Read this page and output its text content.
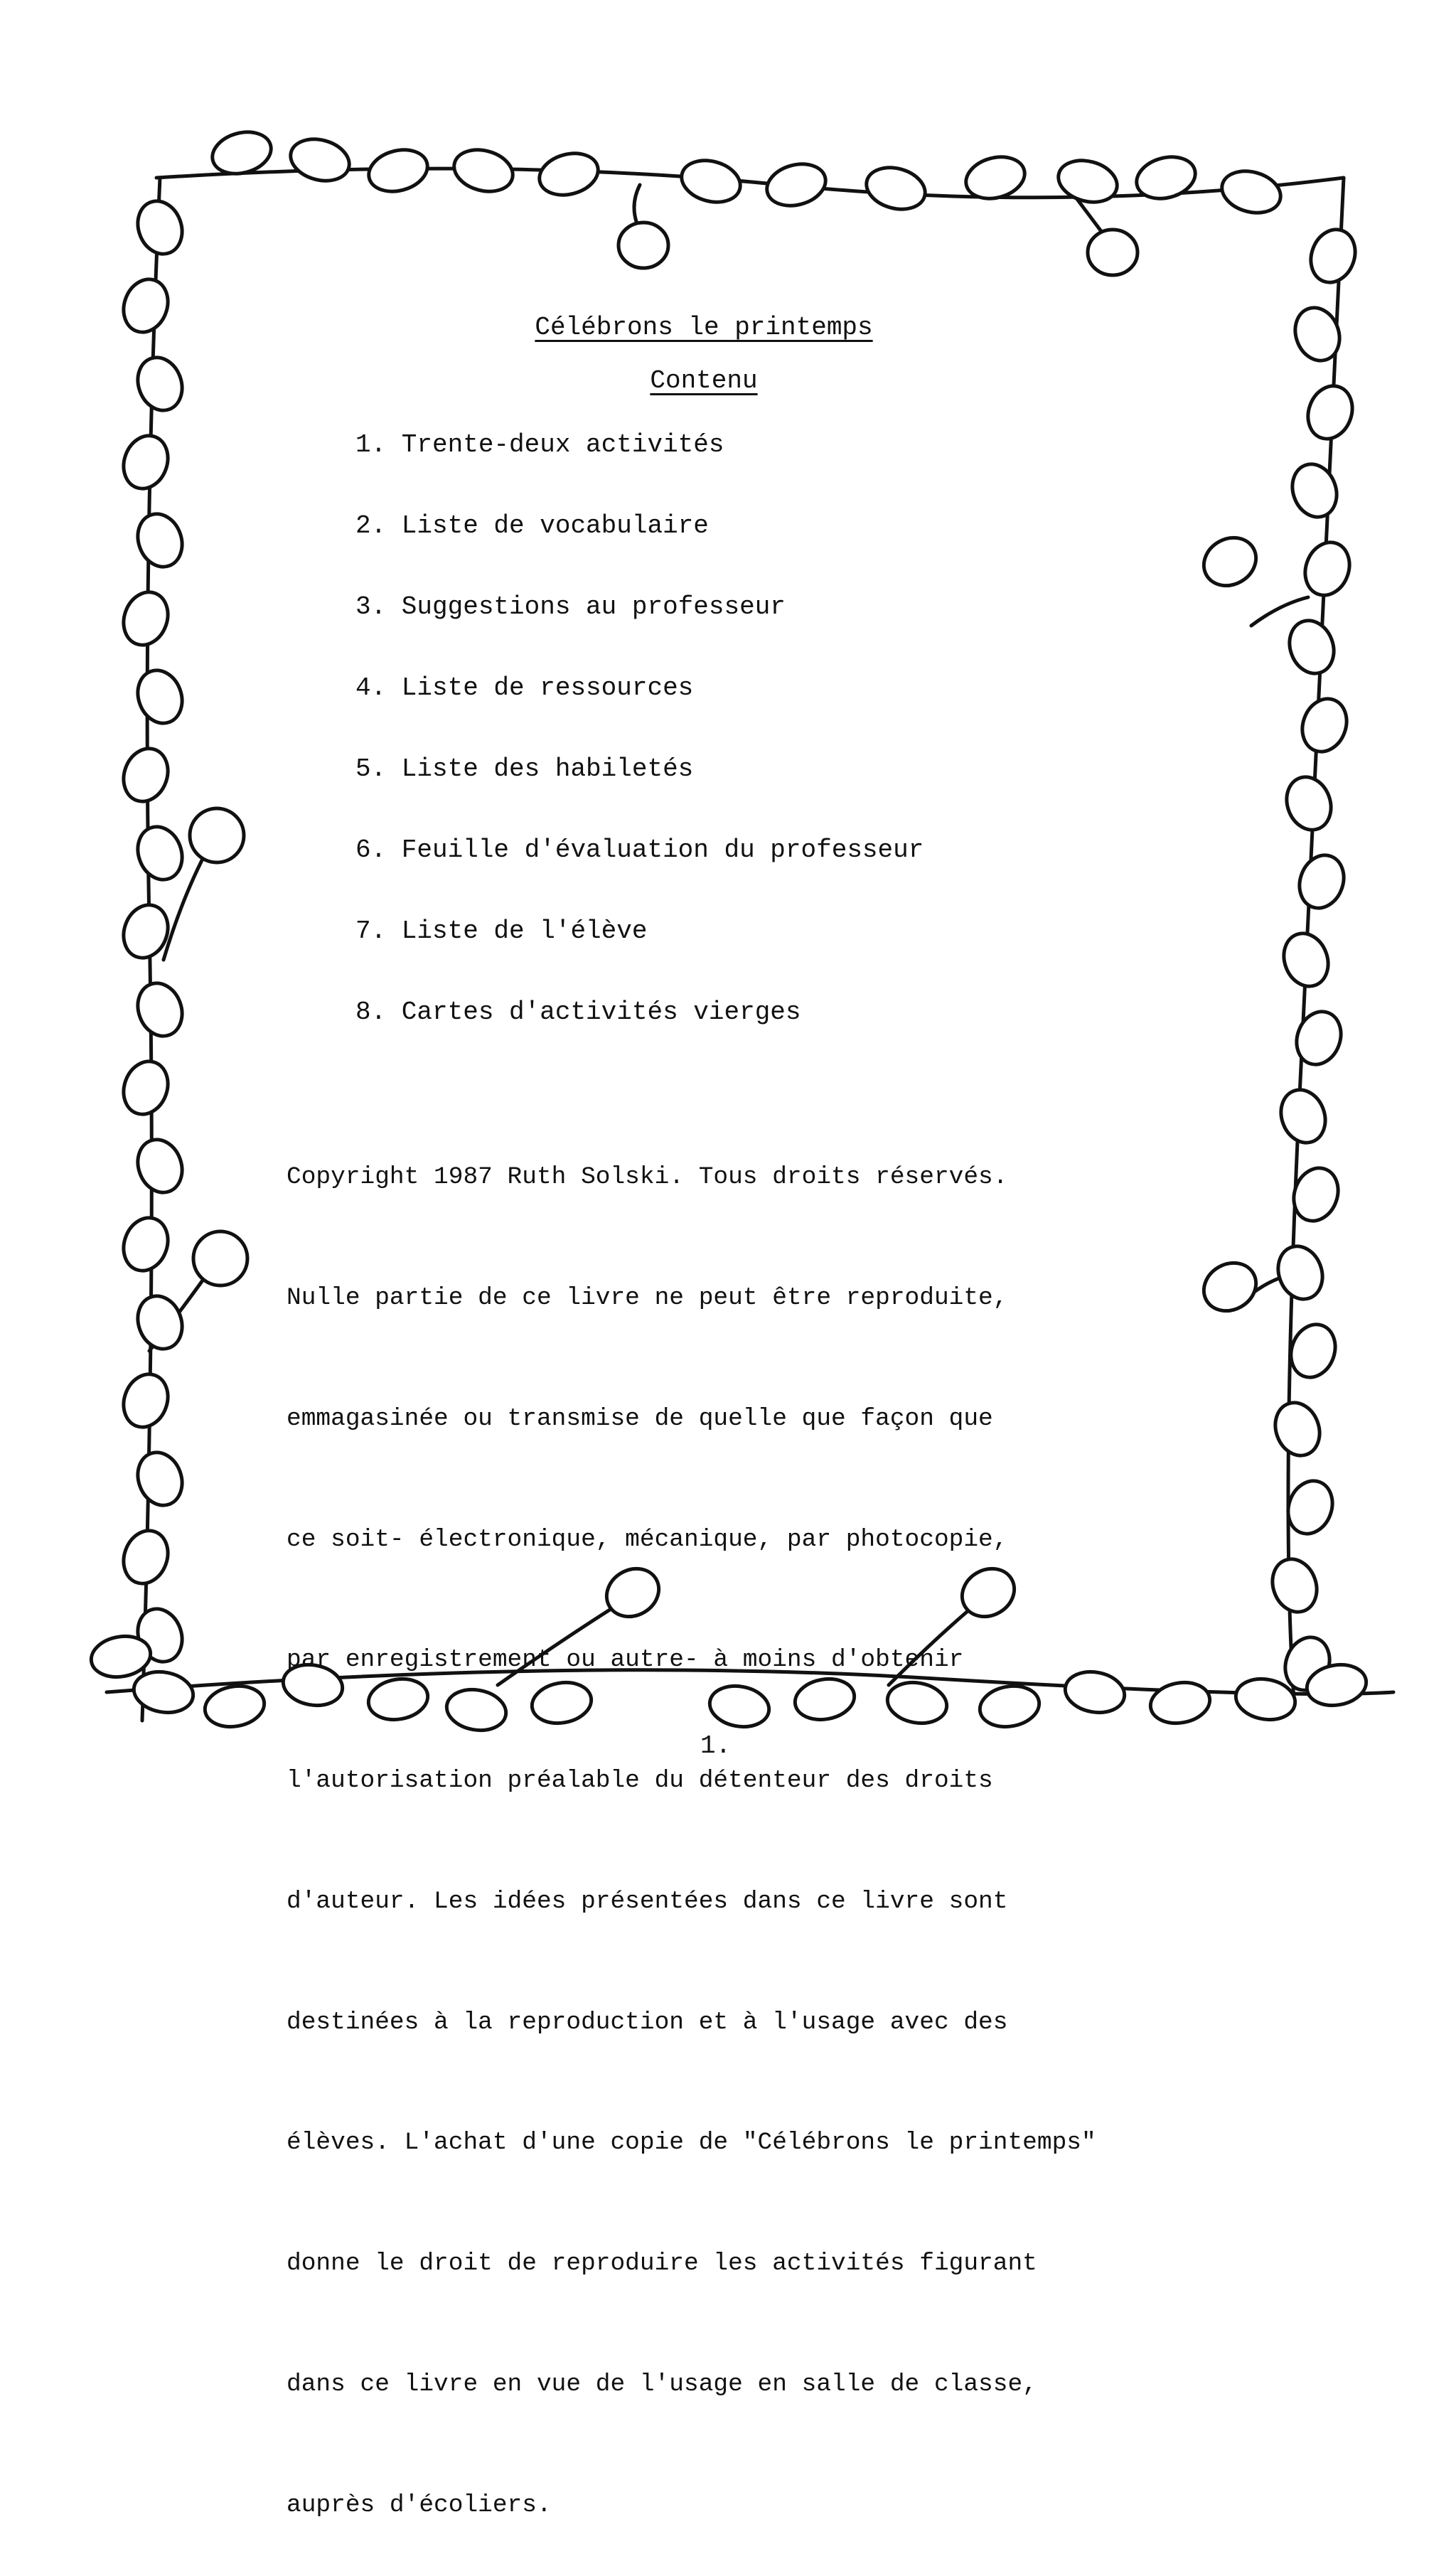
Célébrons le printemps
Contenu
1. Trente-deux activités
2. Liste de vocabulaire
3. Suggestions au professeur
4. Liste de ressources
5. Liste des habiletés
6. Feuille d'évaluation du professeur
7. Liste de l'élève
8. Cartes d'activités vierges

Copyright 1987 Ruth Solski. Tous droits réservés.

Nulle partie de ce livre ne peut être reproduite,

emmagasinée ou transmise de quelle que façon que

ce soit- électronique, mécanique, par photocopie,

par enregistrement ou autre- à moins d'obtenir

l'autorisation préalable du détenteur des droits

d'auteur. Les idées présentées dans ce livre sont

destinées à la reproduction et à l'usage avec des

élèves. L'achat d'une copie de "Célébrons le printemps"

donne le droit de reproduire les activités figurant

dans ce livre en vue de l'usage en salle de classe,

auprès d'écoliers.

1.
